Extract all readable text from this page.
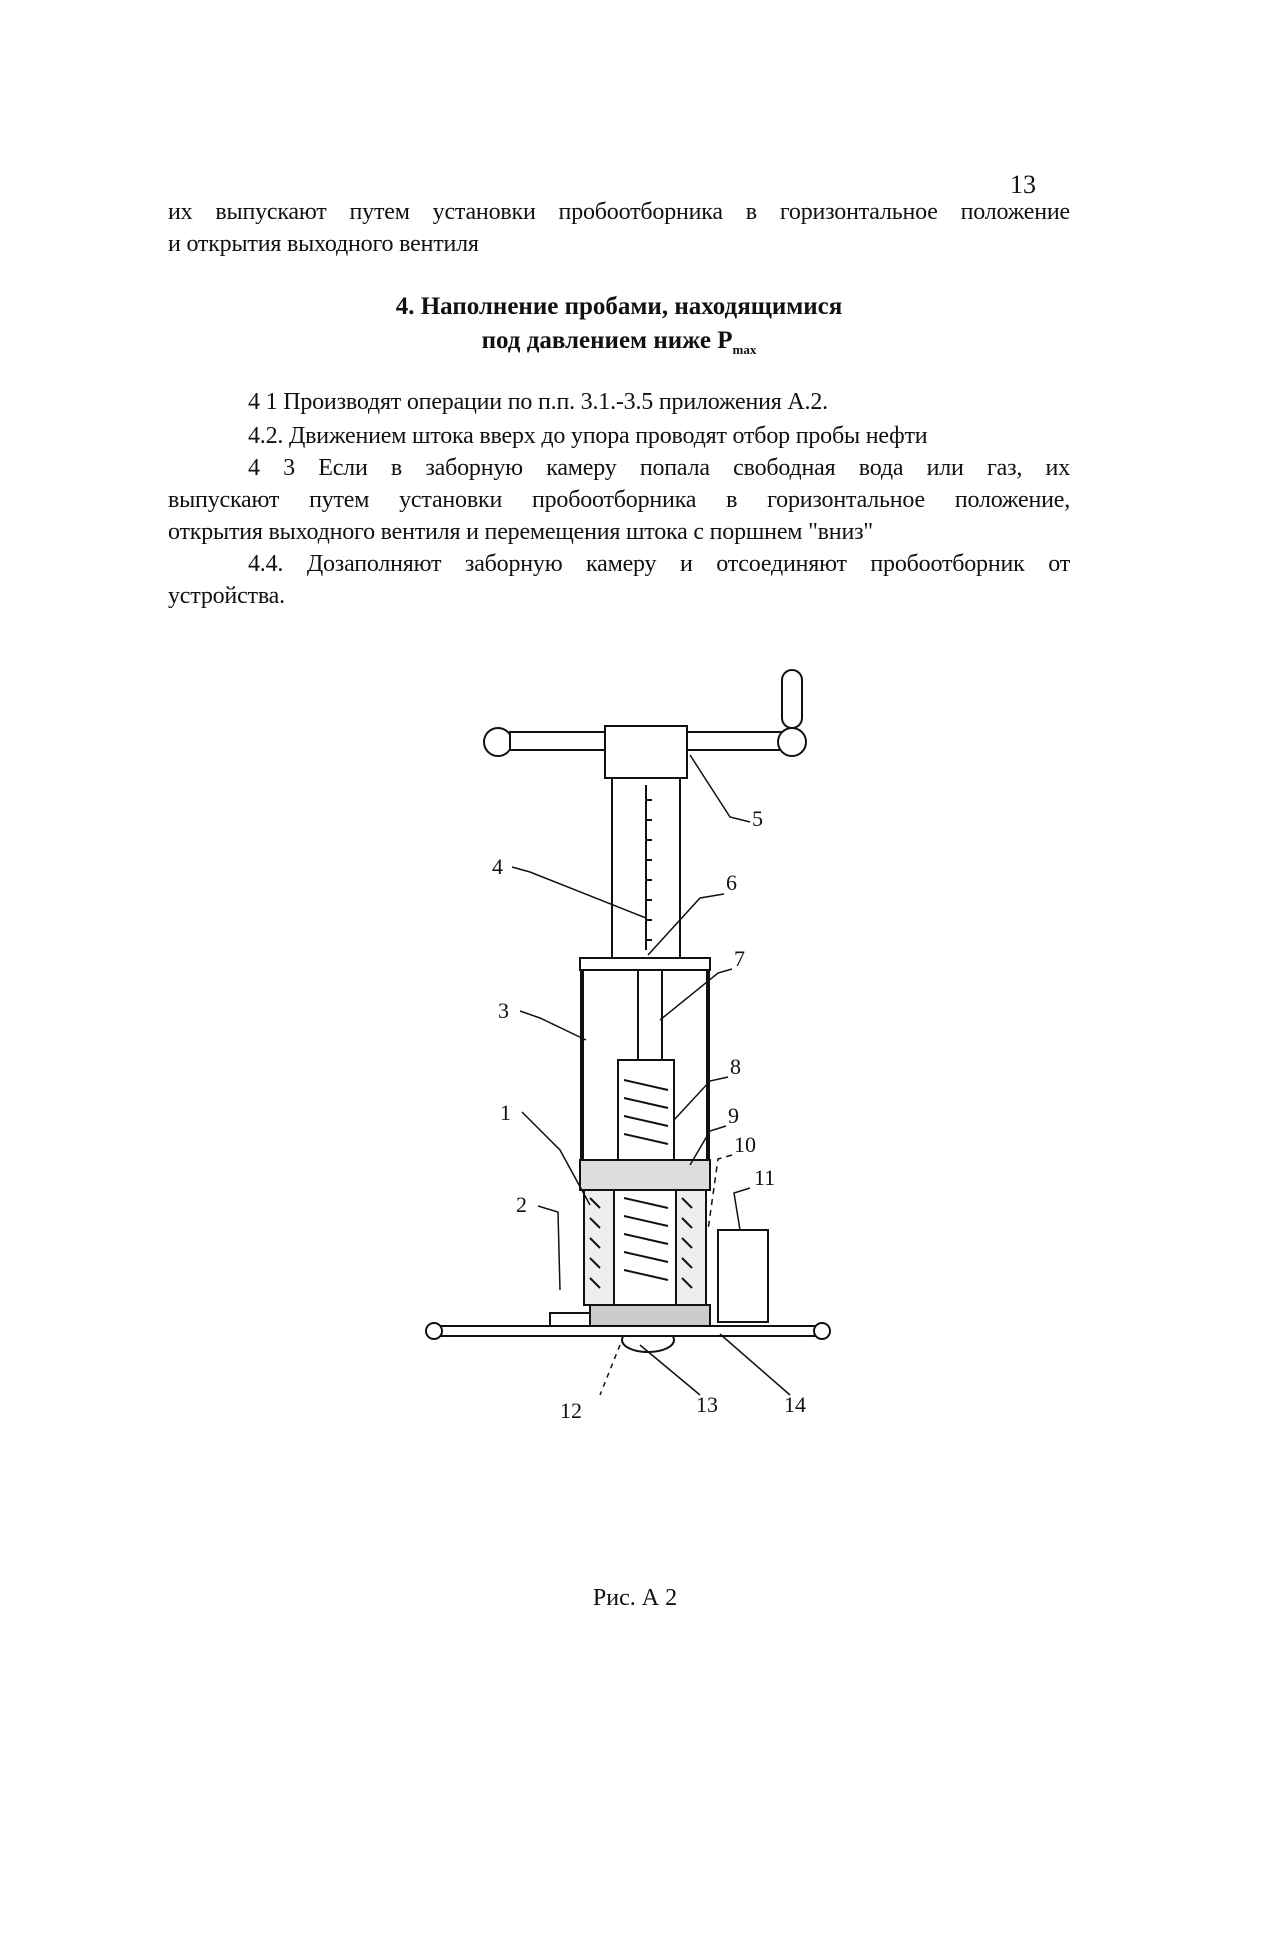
13
их выпускают путем установки пробоотборника в горизонтальное положение
и открытия выходного вентиля
4. Наполнение пробами, находящимися
под давлением ниже $P_{max}$
4 1 Производят операции по п.п. 3.1.-3.5 приложения А.2.
4.2. Движением штока вверх до упора проводят отбор пробы нефти
4 3 Если в заборную камеру попала свободная вода или газ, их
выпускают путем установки пробоотборника в горизонтальное положение,
открытия выходного вентиля и перемещения штока с поршнем "вниз"
4.4. Дозаполняют заборную камеру и отсоединяют пробоотборник от
устройства.
1
2
3
4
5
6
7
8
9
10
11
12	13	14
Рис. А 2
